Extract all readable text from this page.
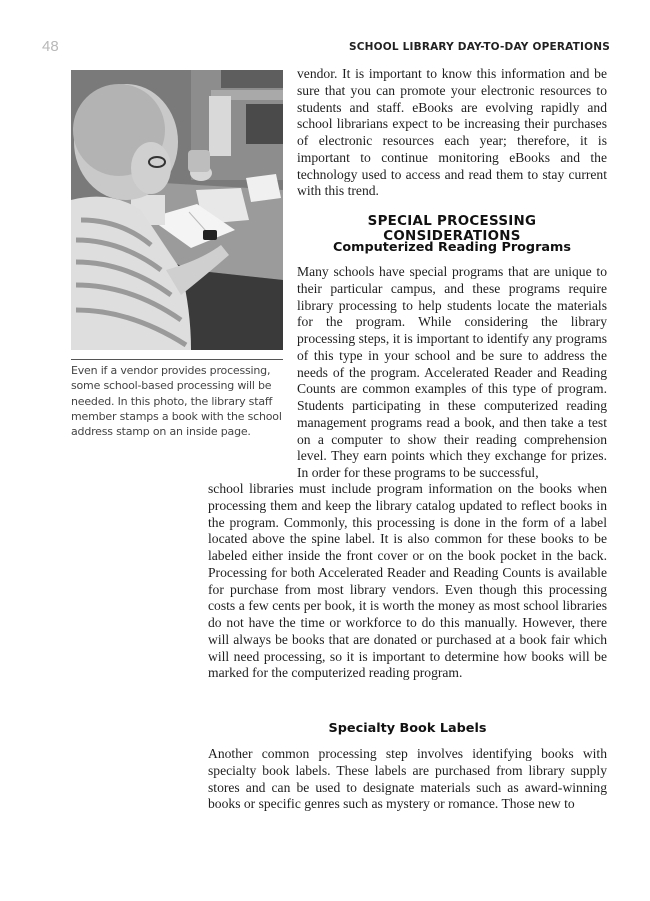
48	SCHOOL LIBRARY DAY-TO-DAY OPERATIONS
Even if a vendor provides processing, some school-based processing will be needed. In this photo, the library staff member stamps a book with the school address stamp on an inside page.

vendor. It is important to know this information and be sure that you can promote your electronic resources to students and staff. eBooks are evolving rapidly and school librarians expect to be increasing their purchases of electronic resources each year; therefore, it is important to continue monitoring eBooks and the technology used to access and read them to stay current with this trend.

SPECIAL PROCESSING CONSIDERATIONS
Computerized Reading Programs

Many schools have special programs that are unique to their particular campus, and these programs require library processing to help students locate the materials for the program. While considering the library processing steps, it is important to identify any programs of this type in your school and be sure to address the needs of the program. Accelerated Reader and Reading Counts are common examples of this type of program. Students participating in these computerized reading management programs read a book, and then take a test on a computer to show their reading comprehension level. They earn points which they exchange for prizes. In order for these programs to be successful,

school libraries must include program information on the books when processing them and keep the library catalog updated to reflect books in the program. Commonly, this processing is done in the form of a label located above the spine label. It is also common for these books to be labeled either inside the front cover or on the book pocket in the back. Processing for both Accelerated Reader and Reading Counts is available for purchase from most library vendors. Even though this processing costs a few cents per book, it is worth the money as most school libraries do not have the time or workforce to do this manually. However, there will always be books that are donated or purchased at a book fair which will need processing, so it is important to determine how books will be marked for the computerized reading program.

Specialty Book Labels

Another common processing step involves identifying books with specialty book labels. These labels are purchased from library supply stores and can be used to designate materials such as award-winning books or specific genres such as mystery or romance. Those new to
